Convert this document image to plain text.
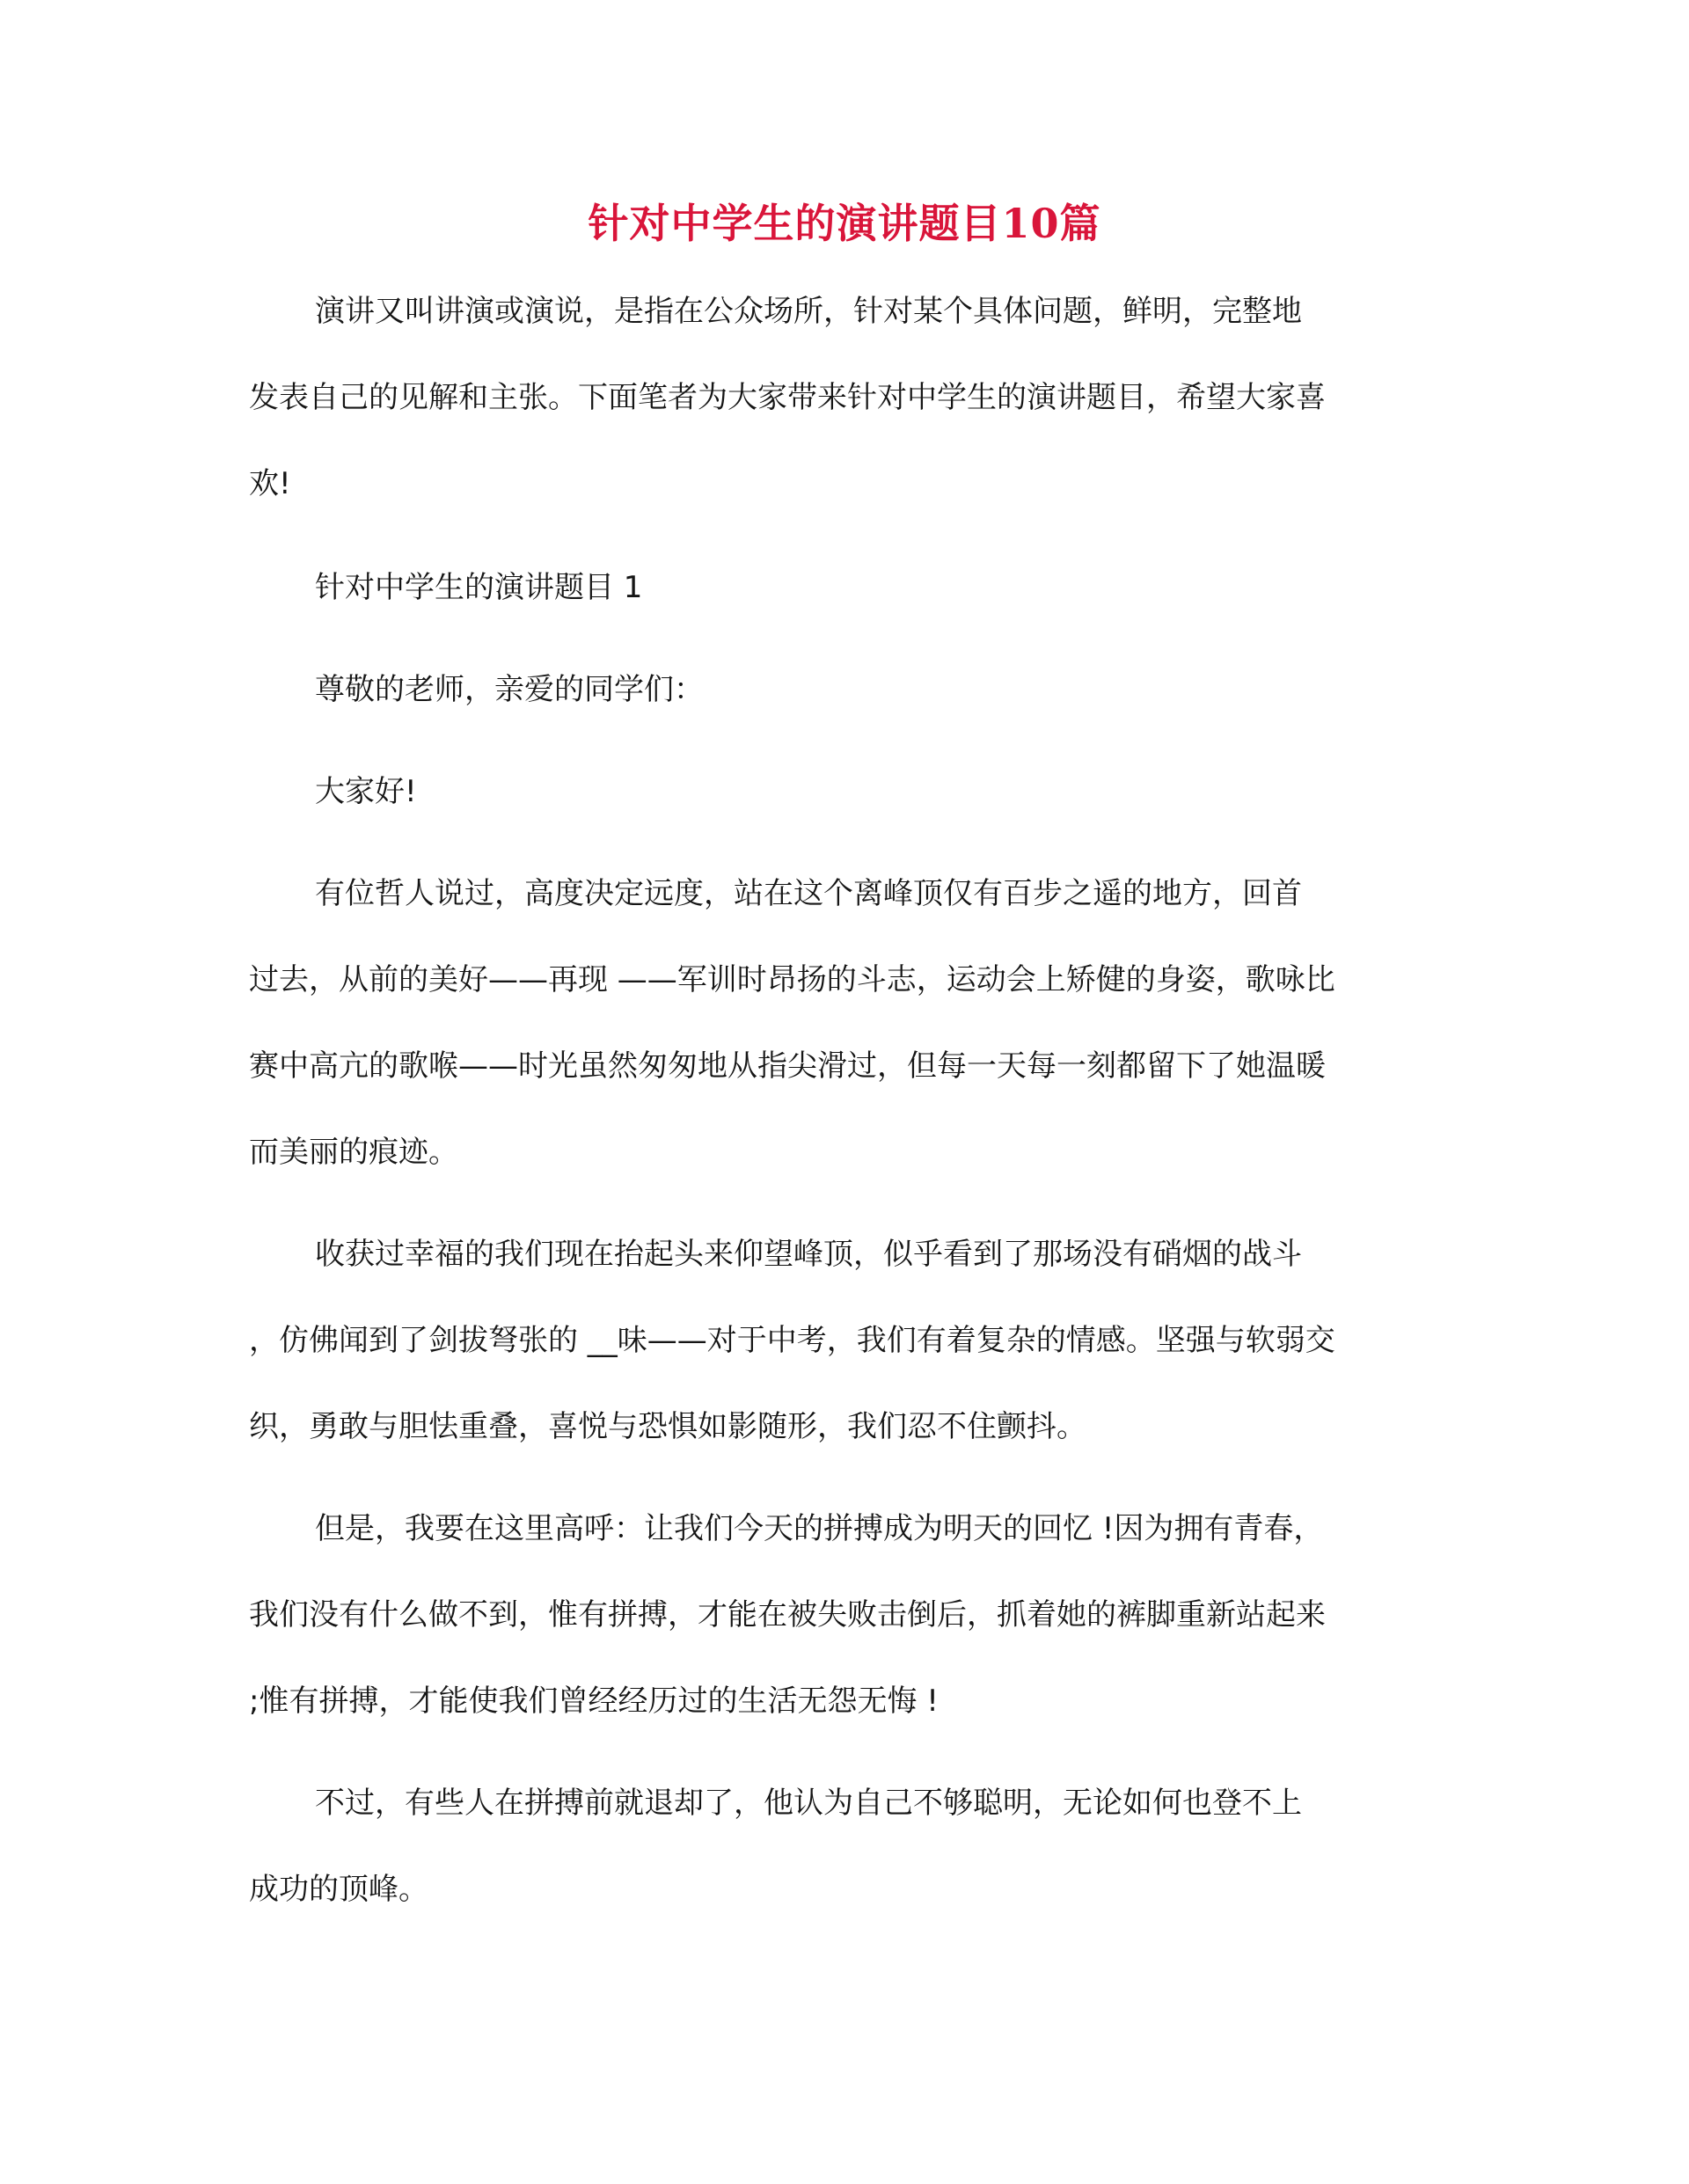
针对中学生的演讲题目10篇

演讲又叫讲演或演说，是指在公众场所，针对某个具体问题，鲜明，完整地

发表自己的见解和主张。下面笔者为大家带来针对中学生的演讲题目，希望大家喜

欢!

针对中学生的演讲题目 1

尊敬的老师，亲爱的同学们：

大家好!

有位哲人说过，高度决定远度，站在这个离峰顶仅有百步之遥的地方，回首

过去，从前的美好——再现 ——军训时昂扬的斗志，运动会上矫健的身姿，歌咏比

赛中高亢的歌喉——时光虽然匆匆地从指尖滑过，但每一天每一刻都留下了她温暖

而美丽的痕迹。

收获过幸福的我们现在抬起头来仰望峰顶，似乎看到了那场没有硝烟的战斗

，仿佛闻到了剑拔弩张的 __味——对于中考，我们有着复杂的情感。坚强与软弱交

织，勇敢与胆怯重叠，喜悦与恐惧如影随形，我们忍不住颤抖。

但是，我要在这里高呼：让我们今天的拼搏成为明天的回忆 !因为拥有青春，

我们没有什么做不到，惟有拼搏，才能在被失败击倒后，抓着她的裤脚重新站起来

;惟有拼搏，才能使我们曾经经历过的生活无怨无悔 !

不过，有些人在拼搏前就退却了，他认为自己不够聪明，无论如何也登不上

成功的顶峰。
